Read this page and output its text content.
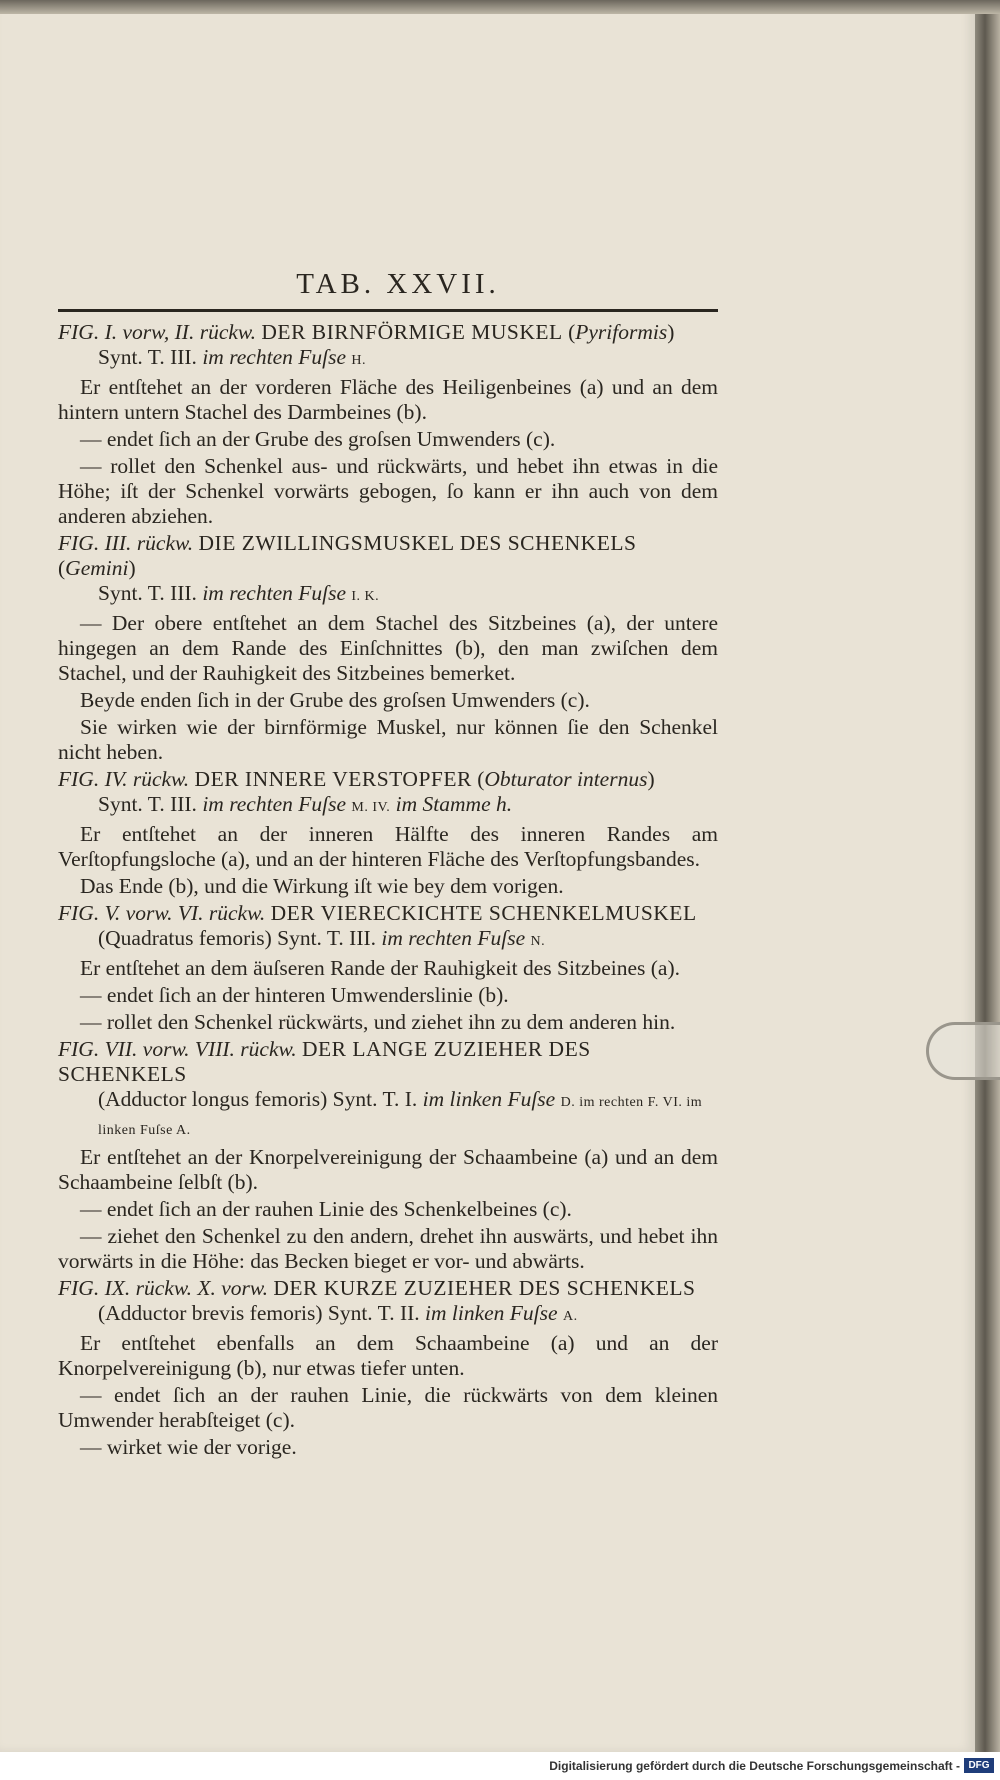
TAB. XXVII.
FIG. I. vorw, II. rückw. DER BIRNFÖRMIGE MUSKEL (Pyriformis)
Synt. T. III. im rechten Fuſse H.
Er entſtehet an der vorderen Fläche des Heiligenbeines (a) und an dem hintern untern Stachel des Darmbeines (b).
— endet ſich an der Grube des groſsen Umwenders (c).
— rollet den Schenkel aus- und rückwärts, und hebet ihn etwas in die Höhe; iſt der Schenkel vorwärts gebogen, ſo kann er ihn auch von dem anderen abziehen.
FIG. III. rückw. DIE ZWILLINGSMUSKEL DES SCHENKELS (Gemini)
Synt. T. III. im rechten Fuſse I. K.
— Der obere entſtehet an dem Stachel des Sitzbeines (a), der untere hingegen an dem Rande des Einſchnittes (b), den man zwiſchen dem Stachel, und der Rauhigkeit des Sitzbeines bemerket.
Beyde enden ſich in der Grube des groſsen Umwenders (c).
Sie wirken wie der birnförmige Muskel, nur können ſie den Schenkel nicht heben.
FIG. IV. rückw. DER INNERE VERSTOPFER (Obturator internus)
Synt. T. III. im rechten Fuſse M. IV. im Stamme h.
Er entſtehet an der inneren Hälfte des inneren Randes am Verſtopfungsloche (a), und an der hinteren Fläche des Verſtopfungsbandes.
Das Ende (b), und die Wirkung iſt wie bey dem vorigen.
FIG. V. vorw. VI. rückw. DER VIERECKICHTE SCHENKELMUSKEL
(Quadratus femoris) Synt. T. III. im rechten Fuſse N.
Er entſtehet an dem äuſseren Rande der Rauhigkeit des Sitzbeines (a).
— endet ſich an der hinteren Umwenderslinie (b).
— rollet den Schenkel rückwärts, und ziehet ihn zu dem anderen hin.
FIG. VII. vorw. VIII. rückw. DER LANGE ZUZIEHER DES SCHENKELS
(Adductor longus femoris) Synt. T. I. im linken Fuſse D. im rechten F. VI. im linken Fuſse A.
Er entſtehet an der Knorpelvereinigung der Schaambeine (a) und an dem Schaambeine ſelbſt (b).
— endet ſich an der rauhen Linie des Schenkelbeines (c).
— ziehet den Schenkel zu den andern, drehet ihn auswärts, und hebet ihn vorwärts in die Höhe: das Becken bieget er vor- und abwärts.
FIG. IX. rückw. X. vorw. DER KURZE ZUZIEHER DES SCHENKELS
(Adductor brevis femoris) Synt. T. II. im linken Fuſse A.
Er entſtehet ebenfalls an dem Schaambeine (a) und an der Knorpelvereinigung (b), nur etwas tiefer unten.
— endet ſich an der rauhen Linie, die rückwärts von dem kleinen Umwender herabſteiget (c).
— wirket wie der vorige.
Digitalisierung gefördert durch die Deutsche Forschungsgemeinschaft - DFG
